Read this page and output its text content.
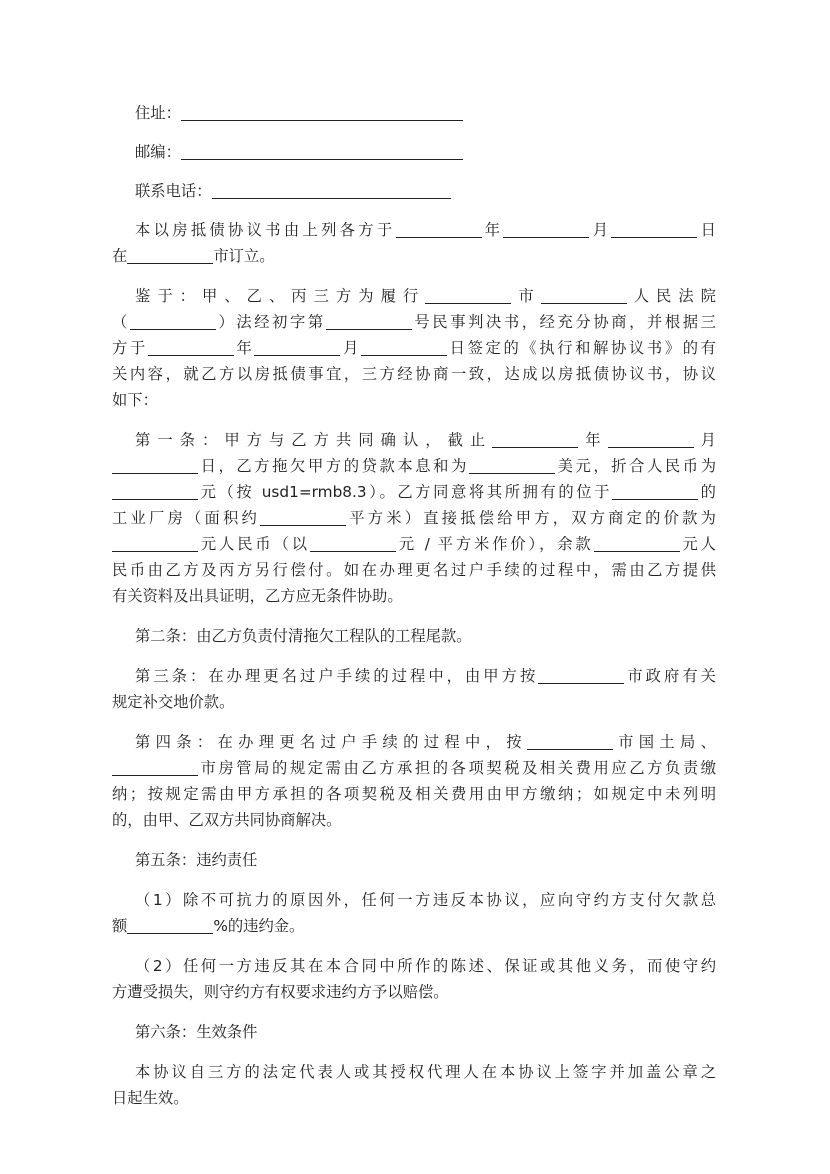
住址：
邮编：
联系电话：
本以房抵债协议书由上列各方于	年	月	日
在	市订立。
鉴于：甲、乙、丙三方为履行	市	人民法院
（	）法经初字第	号民事判决书，经充分协商，并根据三
方于	年	月	日签定的《执行和解协议书》的有
关内容，就乙方以房抵债事宜，三方经协商一致，达成以房抵债协议书，协议
如下：
第一条：甲方与乙方共同确认，截止	年	月
日，乙方拖欠甲方的贷款本息和为	美元，折合人民币为
元（按 usd1=rmb8.3）。乙方同意将其所拥有的位于	的
工业厂房（面积约	平方米）直接抵偿给甲方，双方商定的价款为
元人民币（以	元 / 平方米作价），余款	元人
民币由乙方及丙方另行偿付。如在办理更名过户手续的过程中，需由乙方提供
有关资料及出具证明，乙方应无条件协助。
第二条：由乙方负责付清拖欠工程队的工程尾款。
第三条：在办理更名过户手续的过程中，由甲方按	市政府有关
规定补交地价款。
第四条：在办理更名过户手续的过程中，按	市国土局、
市房管局的规定需由乙方承担的各项契税及相关费用应乙方负责缴
纳；按规定需由甲方承担的各项契税及相关费用由甲方缴纳；如规定中未列明
的，由甲、乙双方共同协商解决。
第五条：违约责任
（1）除不可抗力的原因外，任何一方违反本协议，应向守约方支付欠款总
额	%的违约金。
（2）任何一方违反其在本合同中所作的陈述、保证或其他义务，而使守约
方遭受损失，则守约方有权要求违约方予以赔偿。
第六条：生效条件
本协议自三方的法定代表人或其授权代理人在本协议上签字并加盖公章之
日起生效。
